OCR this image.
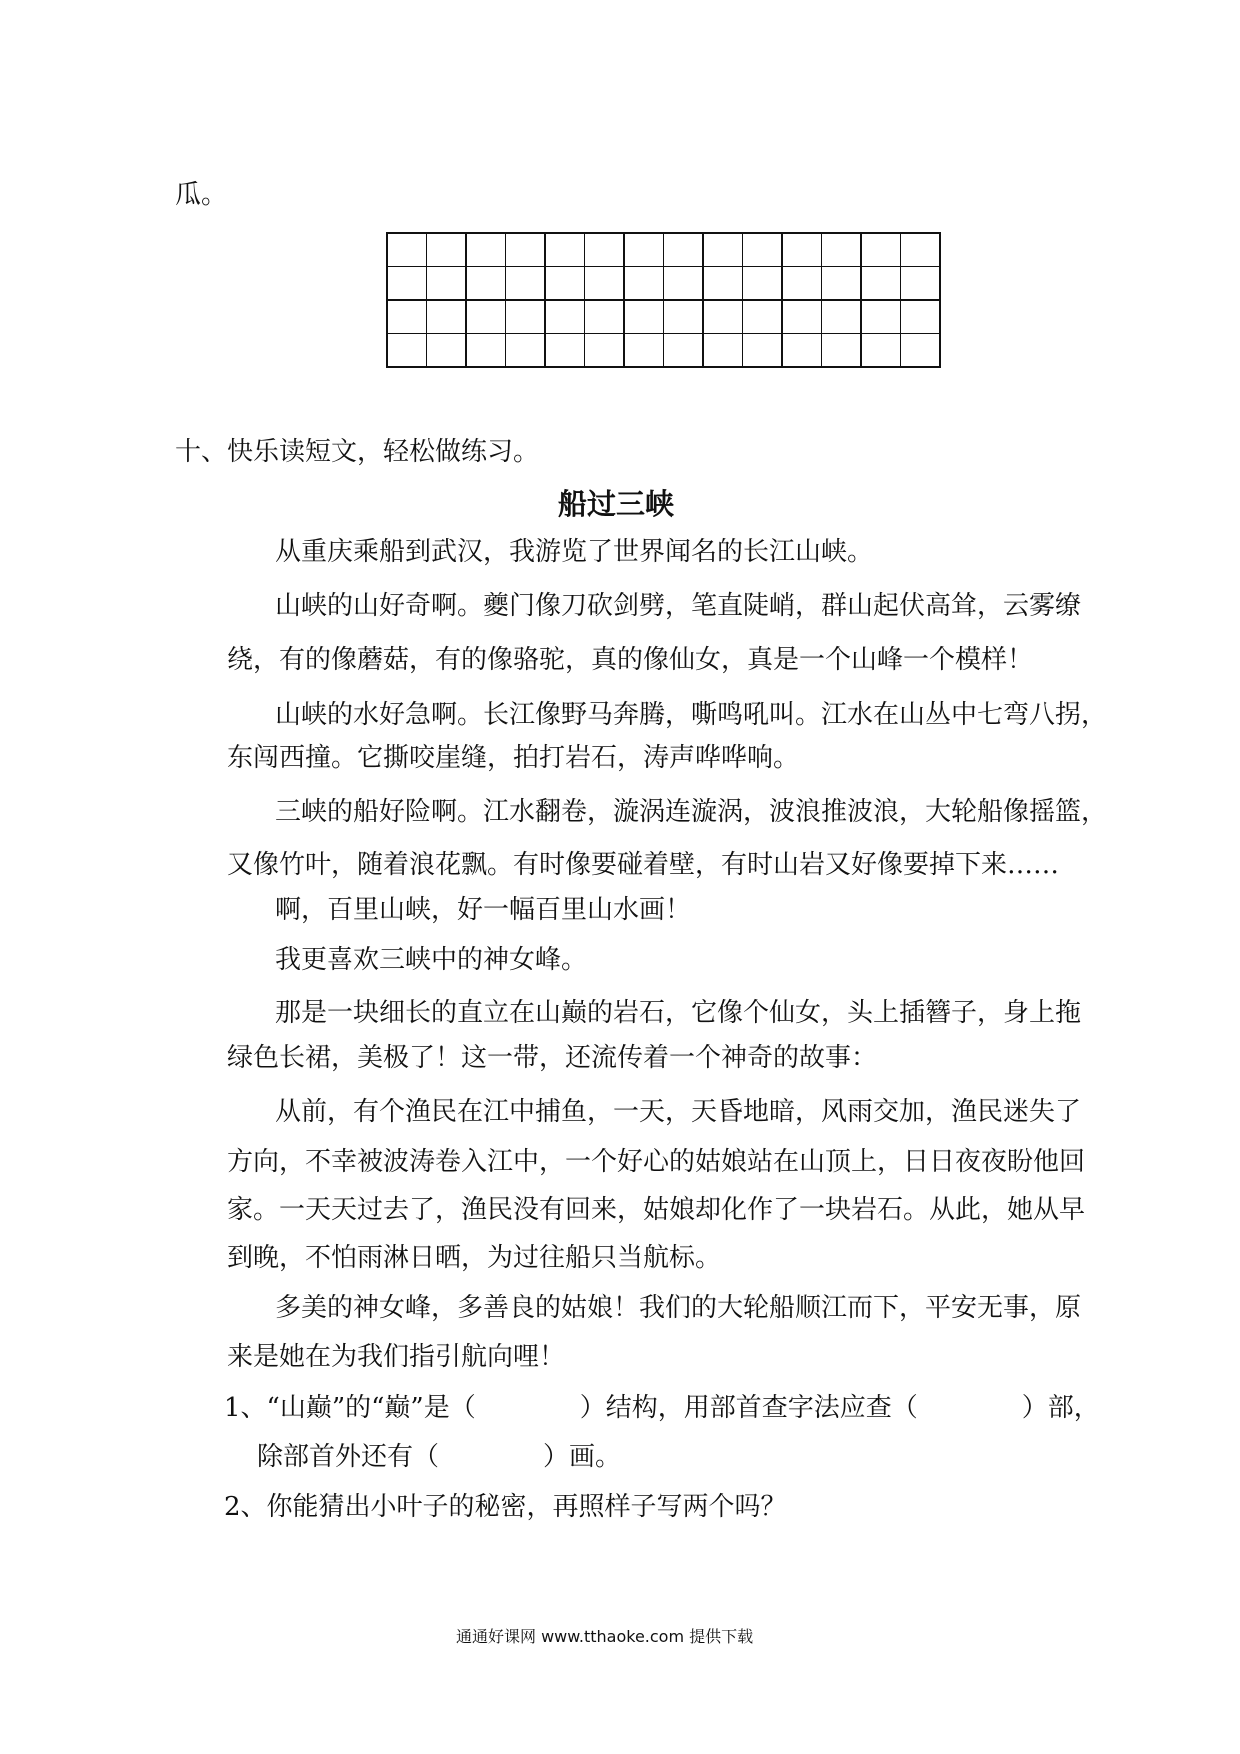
瓜。

十、快乐读短文，轻松做练习。
船过三峡
从重庆乘船到武汉，我游览了世界闻名的长江山峡。
山峡的山好奇啊。夔门像刀砍剑劈，笔直陡峭，群山起伏高耸，云雾缭
绕，有的像蘑菇，有的像骆驼，真的像仙女，真是一个山峰一个模样！
山峡的水好急啊。长江像野马奔腾，嘶鸣吼叫。江水在山丛中七弯八拐，
东闯西撞。它撕咬崖缝，拍打岩石，涛声哗哗响。
三峡的船好险啊。江水翻卷，漩涡连漩涡，波浪推波浪，大轮船像摇篮，
又像竹叶，随着浪花飘。有时像要碰着壁，有时山岩又好像要掉下来……
啊，百里山峡，好一幅百里山水画！
我更喜欢三峡中的神女峰。
那是一块细长的直立在山巅的岩石，它像个仙女，头上插簪子，身上拖
绿色长裙，美极了！这一带，还流传着一个神奇的故事：
从前，有个渔民在江中捕鱼，一天，天昏地暗，风雨交加，渔民迷失了
方向，不幸被波涛卷入江中，一个好心的姑娘站在山顶上，日日夜夜盼他回
家。一天天过去了，渔民没有回来，姑娘却化作了一块岩石。从此，她从早
到晚，不怕雨淋日晒，为过往船只当航标。
多美的神女峰，多善良的姑娘！我们的大轮船顺江而下，平安无事，原
来是她在为我们指引航向哩！
1、“山巅”的“巅”是（　　　　）结构，用部首查字法应查（　　　　）部，
除部首外还有（　　　　）画。
2、你能猜出小叶子的秘密，再照样子写两个吗？
通通好课网 www.tthaoke.com 提供下载
